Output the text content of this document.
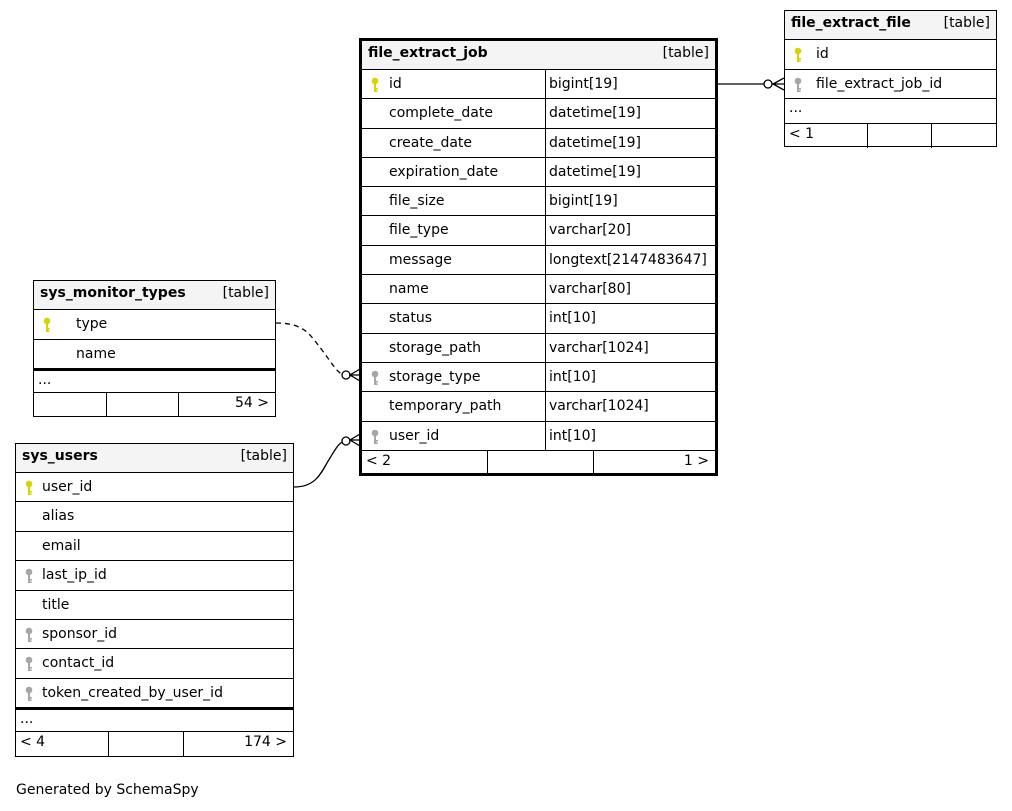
file_extract_job	[table]
id	bigint[19]
complete_date	datetime[19]
create_date	datetime[19]
expiration_date	datetime[19]
file_size	bigint[19]
file_type	varchar[20]
message	longtext[2147483647]
name	varchar[80]
status	int[10]
storage_path	varchar[1024]
storage_type	int[10]
temporary_path	varchar[1024]
user_id	int[10]
< 2	1 >
file_extract_file [table]
id
file_extract_job_id
...
< 1
sys_monitor_types	[table]
type
name
...
54 >
sys_users	[table]
user_id
alias
email
last_ip_id
title
sponsor_id
contact_id
token_created_by_user_id
...
< 4	174 >
Generated by SchemaSpy
